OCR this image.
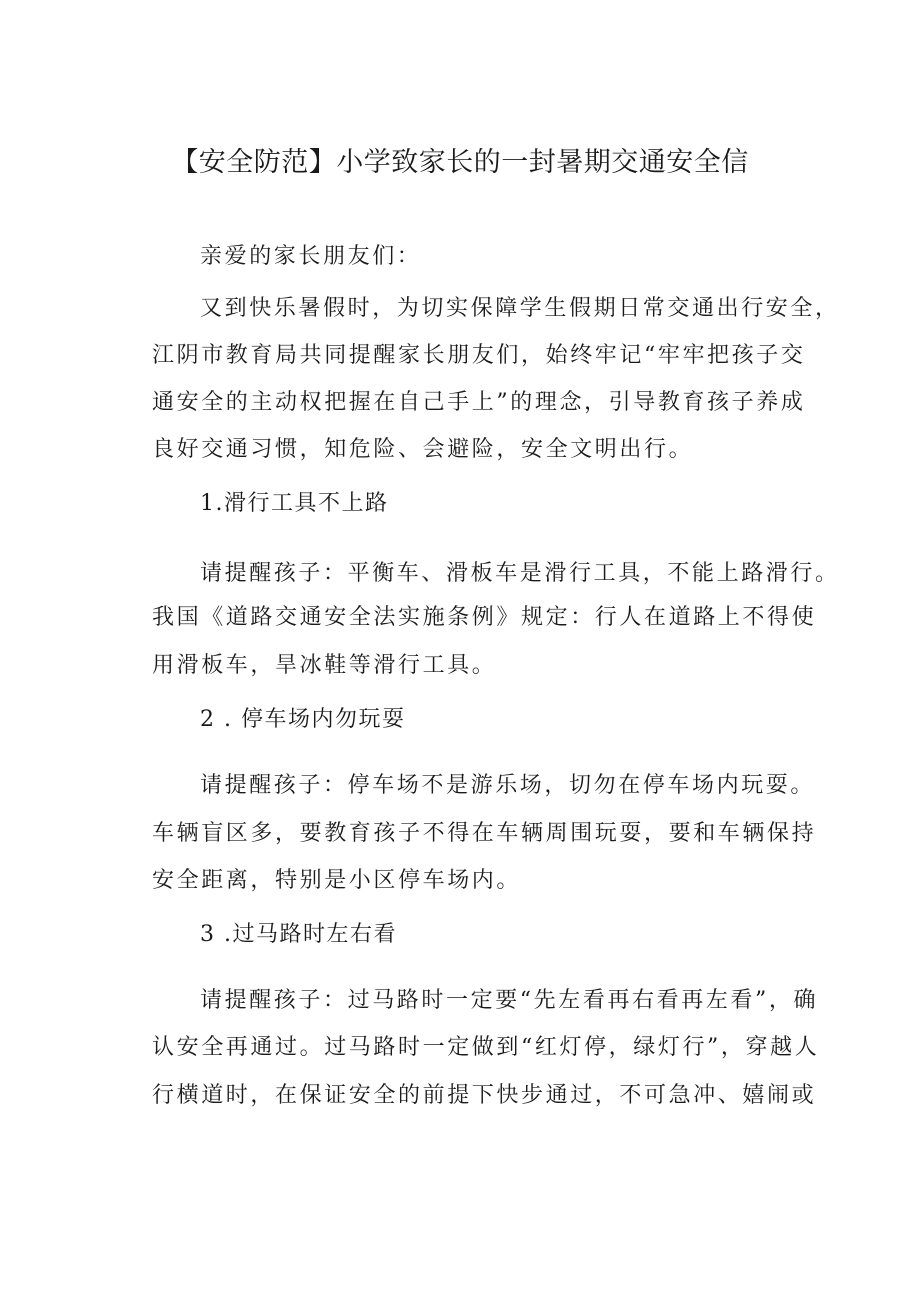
【安全防范】小学致家长的一封暑期交通安全信
亲爱的家长朋友们：
又到快乐暑假时，为切实保障学生假期日常交通出行安全，
江阴市教育局共同提醒家长朋友们，始终牢记“牢牢把孩子交
通安全的主动权把握在自己手上”的理念，引导教育孩子养成
良好交通习惯，知危险、会避险，安全文明出行。
1.滑行工具不上路
请提醒孩子：平衡车、滑板车是滑行工具，不能上路滑行。
我国《道路交通安全法实施条例》规定：行人在道路上不得使
用滑板车，旱冰鞋等滑行工具。
2 . 停车场内勿玩耍
请提醒孩子：停车场不是游乐场，切勿在停车场内玩耍。
车辆盲区多，要教育孩子不得在车辆周围玩耍，要和车辆保持
安全距离，特别是小区停车场内。
3 .过马路时左右看
请提醒孩子：过马路时一定要“先左看再右看再左看”，确
认安全再通过。过马路时一定做到“红灯停，绿灯行”，穿越人
行横道时，在保证安全的前提下快步通过，不可急冲、嬉闹或
